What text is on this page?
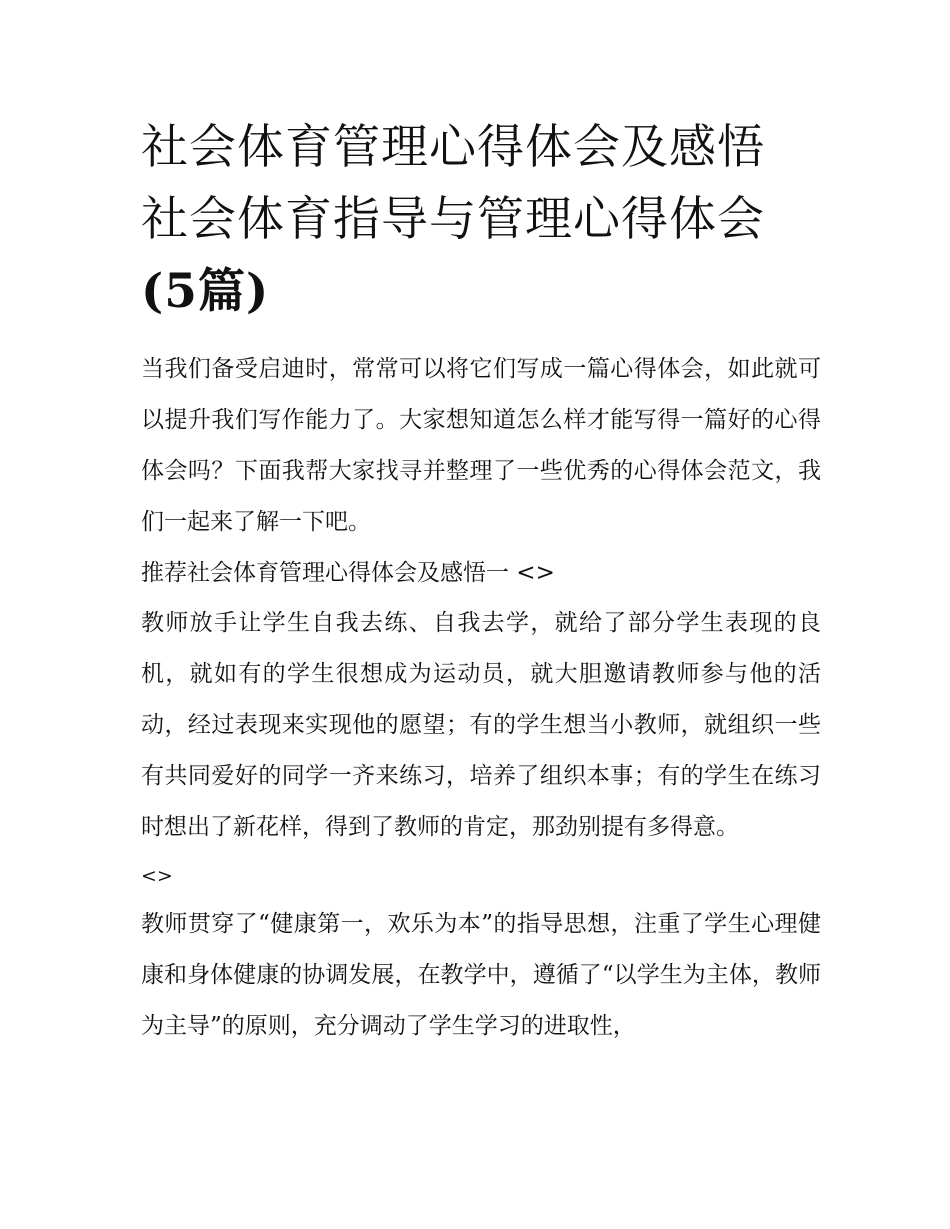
社会体育管理心得体会及感悟
社会体育指导与管理心得体会
(5篇)

当我们备受启迪时，常常可以将它们写成一篇心得体会，如此就可以提升我们写作能力了。大家想知道怎么样才能写得一篇好的心得体会吗？下面我帮大家找寻并整理了一些优秀的心得体会范文，我们一起来了解一下吧。

推荐社会体育管理心得体会及感悟一 <>

教师放手让学生自我去练、自我去学，就给了部分学生表现的良机，就如有的学生很想成为运动员，就大胆邀请教师参与他的活动，经过表现来实现他的愿望；有的学生想当小教师，就组织一些有共同爱好的同学一齐来练习，培养了组织本事；有的学生在练习时想出了新花样，得到了教师的肯定，那劲别提有多得意。

<>

教师贯穿了“健康第一，欢乐为本”的指导思想，注重了学生心理健康和身体健康的协调发展，在教学中，遵循了“以学生为主体，教师为主导”的原则，充分调动了学生学习的进取性，
